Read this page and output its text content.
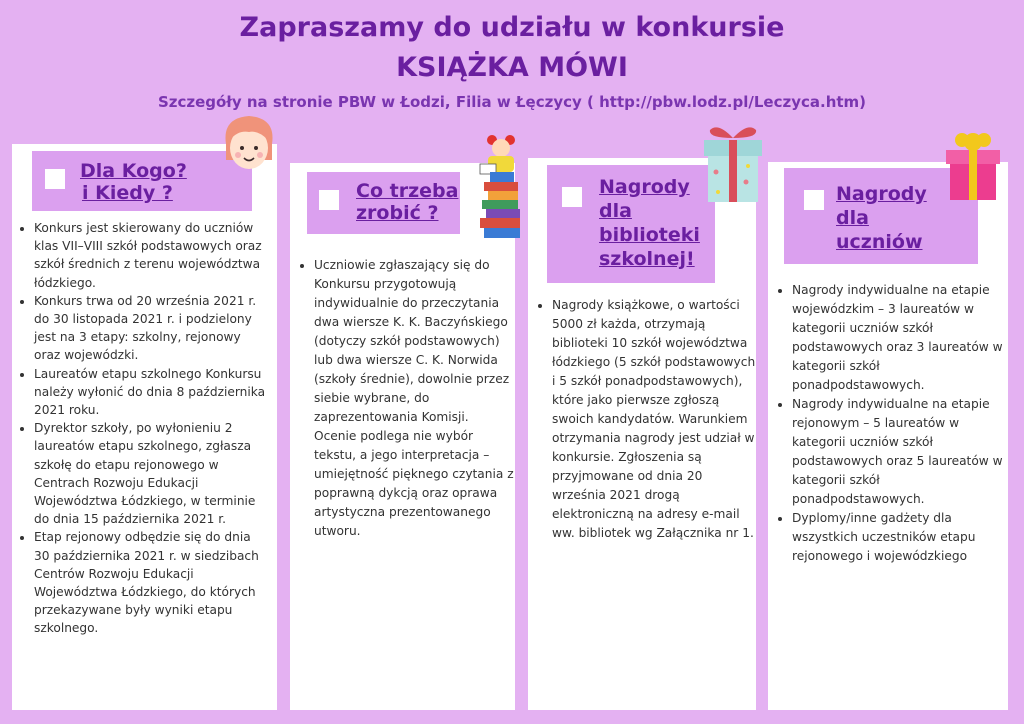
Zapraszamy do udziału w konkursie
KSIĄŻKA MÓWI
Szczegóły na stronie PBW w Łodzi, Filia w Łęczycy ( http://pbw.lodz.pl/Leczyca.htm)
Dla Kogo?
i Kiedy ?
• Konkurs jest skierowany do uczniów klas VII–VIII szkół podstawowych oraz szkół średnich z terenu województwa łódzkiego.
• Konkurs trwa od 20 września 2021 r. do 30 listopada 2021 r. i podzielony jest na 3 etapy: szkolny, rejonowy oraz wojewódzki.
• Laureatów etapu szkolnego Konkursu należy wyłonić do dnia 8 października 2021 roku.
• Dyrektor szkoły, po wyłonieniu 2 laureatów etapu szkolnego, zgłasza szkołę do etapu rejonowego w Centrach Rozwoju Edukacji Województwa Łódzkiego, w terminie do dnia 15 października 2021 r.
• Etap rejonowy odbędzie się do dnia 30 października 2021 r. w siedzibach Centrów Rozwoju Edukacji Województwa Łódzkiego, do których przekazywane były wyniki etapu szkolnego.
Co trzeba
zrobić ?
• Uczniowie zgłaszający się do Konkursu przygotowują indywidualnie do przeczytania dwa wiersze K. K. Baczyńskiego (dotyczy szkół podstawowych) lub dwa wiersze C. K. Norwida (szkoły średnie), dowolnie przez siebie wybrane, do zaprezentowania Komisji. Ocenie podlega nie wybór tekstu, a jego interpretacja – umiejętność pięknego czytania z poprawną dykcją oraz oprawa artystyczna prezentowanego utworu.
Nagrody
dla
biblioteki
szkolnej!
• Nagrody książkowe, o wartości 5000 zł każda, otrzymają biblioteki 10 szkół województwa łódzkiego (5 szkół podstawowych i 5 szkół ponadpodstawowych), które jako pierwsze zgłoszą swoich kandydatów. Warunkiem otrzymania nagrody jest udział w konkursie. Zgłoszenia są przyjmowane od dnia 20 września 2021 drogą elektroniczną na adresy e-mail ww. bibliotek wg Załącznika nr 1.
Nagrody
dla
uczniów
• Nagrody indywidualne na etapie wojewódzkim – 3 laureatów w kategorii uczniów szkół podstawowych oraz 3 laureatów w kategorii szkół ponadpodstawowych.
• Nagrody indywidualne na etapie rejonowym – 5 laureatów w kategorii uczniów szkół podstawowych oraz 5 laureatów w kategorii szkół ponadpodstawowych.
• Dyplomy/inne gadżety dla wszystkich uczestników etapu rejonowego i wojewódzkiego
